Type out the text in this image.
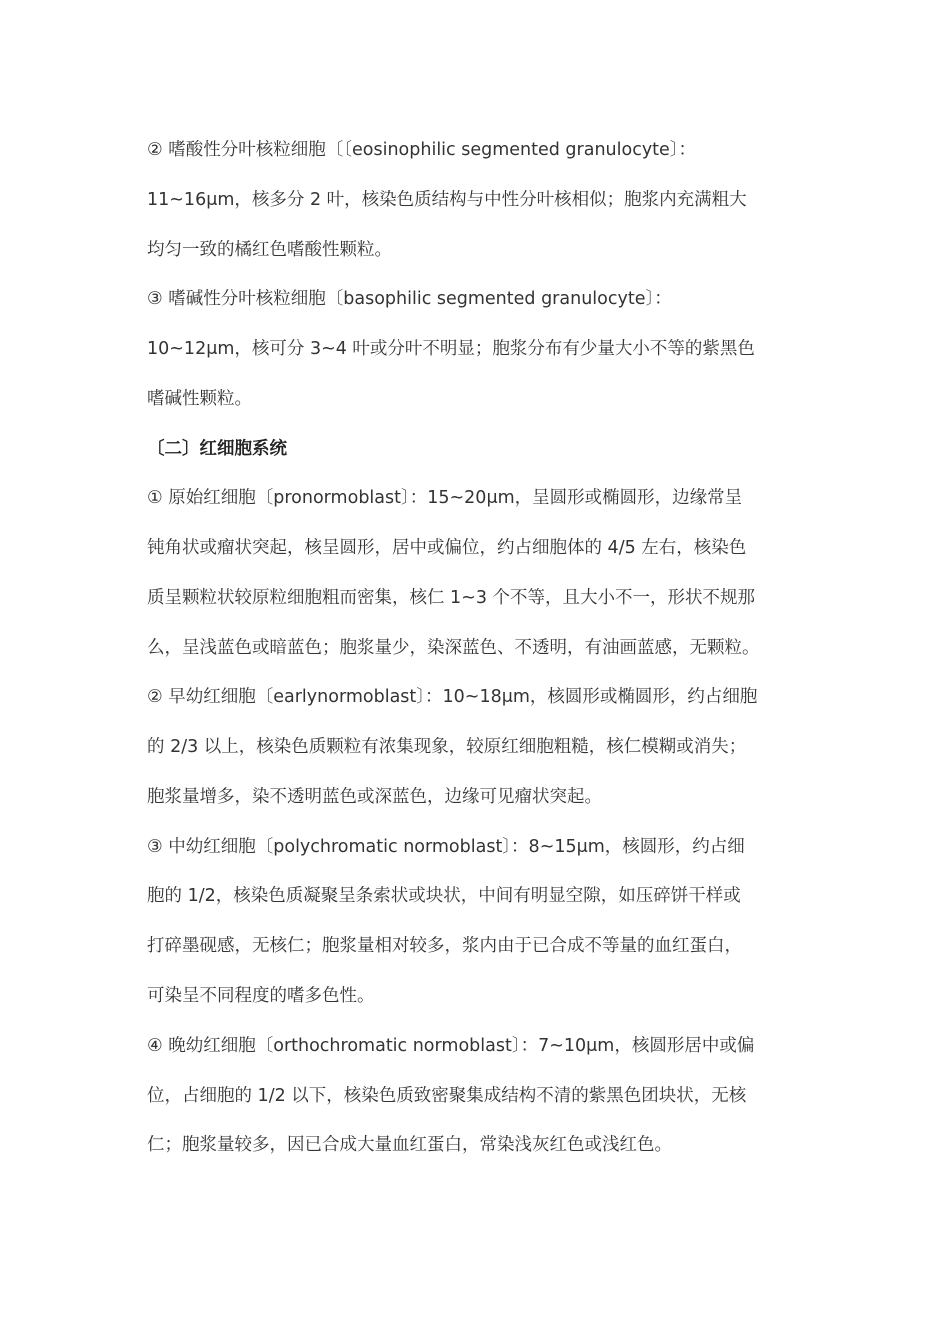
② 嗜酸性分叶核粒细胞〔〔eosinophilic segmented granulocyte〕：
11~16μm，核多分 2 叶，核染色质结构与中性分叶核相似；胞浆内充满粗大
均匀一致的橘红色嗜酸性颗粒。
③ 嗜碱性分叶核粒细胞〔basophilic segmented granulocyte〕：
10~12μm，核可分 3~4 叶或分叶不明显；胞浆分布有少量大小不等的紫黑色
嗜碱性颗粒。
〔二〕红细胞系统
① 原始红细胞〔pronormoblast〕：15~20μm，呈圆形或椭圆形，边缘常呈
钝角状或瘤状突起，核呈圆形，居中或偏位，约占细胞体的 4/5 左右，核染色
质呈颗粒状较原粒细胞粗而密集，核仁 1~3 个不等，且大小不一，形状不规那
么，呈浅蓝色或暗蓝色；胞浆量少，染深蓝色、不透明，有油画蓝感，无颗粒。
② 早幼红细胞〔earlynormoblast〕：10~18μm，核圆形或椭圆形，约占细胞
的 2/3 以上，核染色质颗粒有浓集现象，较原红细胞粗糙，核仁模糊或消失；
胞浆量增多，染不透明蓝色或深蓝色，边缘可见瘤状突起。
③ 中幼红细胞〔polychromatic normoblast〕：8~15μm，核圆形，约占细
胞的 1/2，核染色质凝聚呈条索状或块状，中间有明显空隙，如压碎饼干样或
打碎墨砚感，无核仁；胞浆量相对较多，浆内由于已合成不等量的血红蛋白，
可染呈不同程度的嗜多色性。
④ 晚幼红细胞〔orthochromatic normoblast〕：7~10μm，核圆形居中或偏
位，占细胞的 1/2 以下，核染色质致密聚集成结构不清的紫黑色团块状，无核
仁；胞浆量较多，因已合成大量血红蛋白，常染浅灰红色或浅红色。
